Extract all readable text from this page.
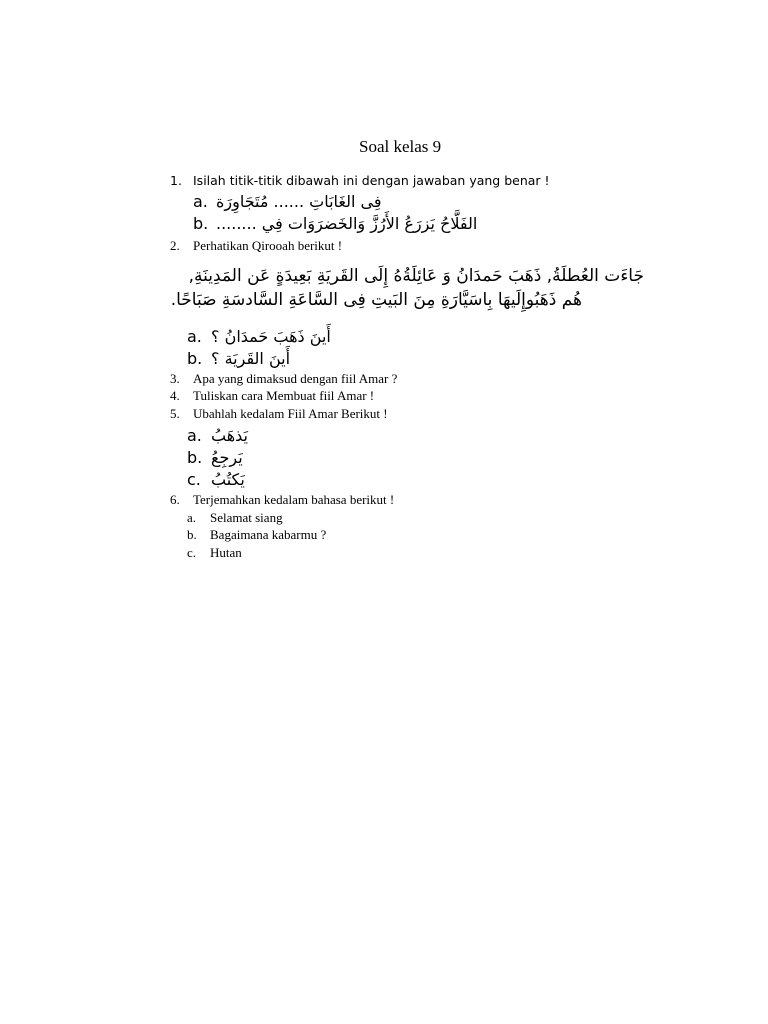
Soal kelas 9
1. Isilah titik-titik dibawah ini dengan jawaban yang benar !
a. فِى الغَابَاتِ ...... مُتَجَاوِرَة
b. الفَلَّاحُ يَزرَعُ الأَرُزَّ وَالخَضرَوَات فِي ........
2. Perhatikan Qirooah berikut !
جَاءَت العُطلَةُ, ذَهَبَ حَمدَانُ وَ عَائِلَةُهُ إِلَى القَريَةِ بَعِيدَةٍ عَن المَدِينَةِ,
هُم ذَهَبُوإِلَيهَا بِاسَيَّارَةِ مِنَ البَيتِ فِى السَّاعَةِ السَّادسَةِ صَبَاحًا.
a. أَينَ ذَهَبَ حَمدَانُ ؟
b. أَينَ القَريَة ؟
3. Apa yang dimaksud dengan fiil Amar ?
4. Tuliskan cara Membuat fiil Amar !
5. Ubahlah kedalam Fiil Amar Berikut !
a. يَذهَبُ
b. يَرجِعُ
c. يَكتُبُ
6. Terjemahkan kedalam bahasa berikut !
a. Selamat siang
b. Bagaimana kabarmu ?
c. Hutan
